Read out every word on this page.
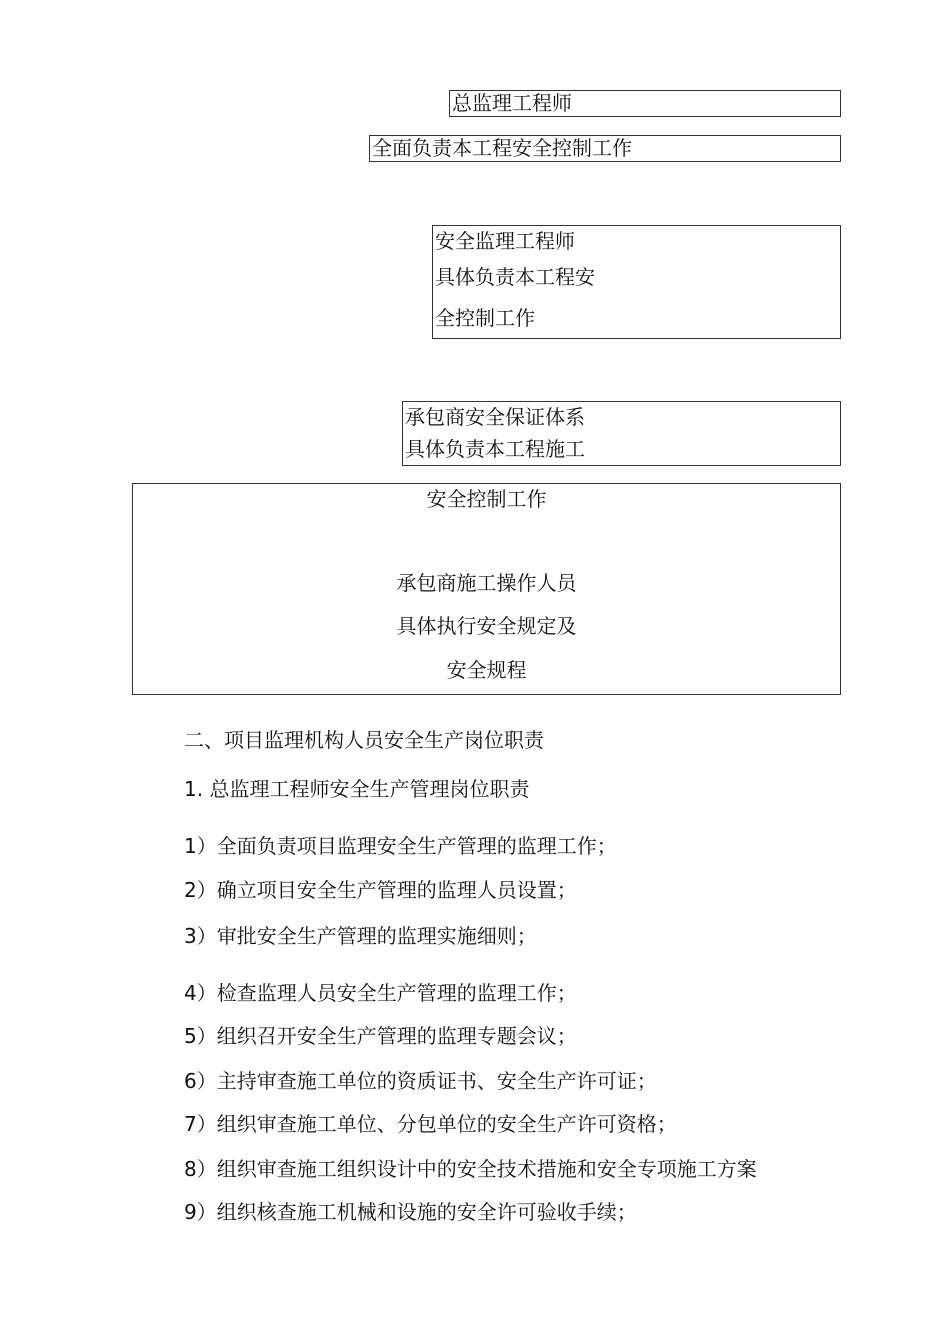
总监理工程师
全面负责本工程安全控制工作
安全监理工程师
具体负责本工程安
全控制工作
承包商安全保证体系
具体负责本工程施工
安全控制工作
承包商施工操作人员
具体执行安全规定及
安全规程
二、项目监理机构人员安全生产岗位职责
1. 总监理工程师安全生产管理岗位职责
1）全面负责项目监理安全生产管理的监理工作；
2）确立项目安全生产管理的监理人员设置；
3）审批安全生产管理的监理实施细则；
4）检查监理人员安全生产管理的监理工作；
5）组织召开安全生产管理的监理专题会议；
6）主持审查施工单位的资质证书、安全生产许可证；
7）组织审查施工单位、分包单位的安全生产许可资格；
8）组织审查施工组织设计中的安全技术措施和安全专项施工方案
9）组织核查施工机械和设施的安全许可验收手续；
